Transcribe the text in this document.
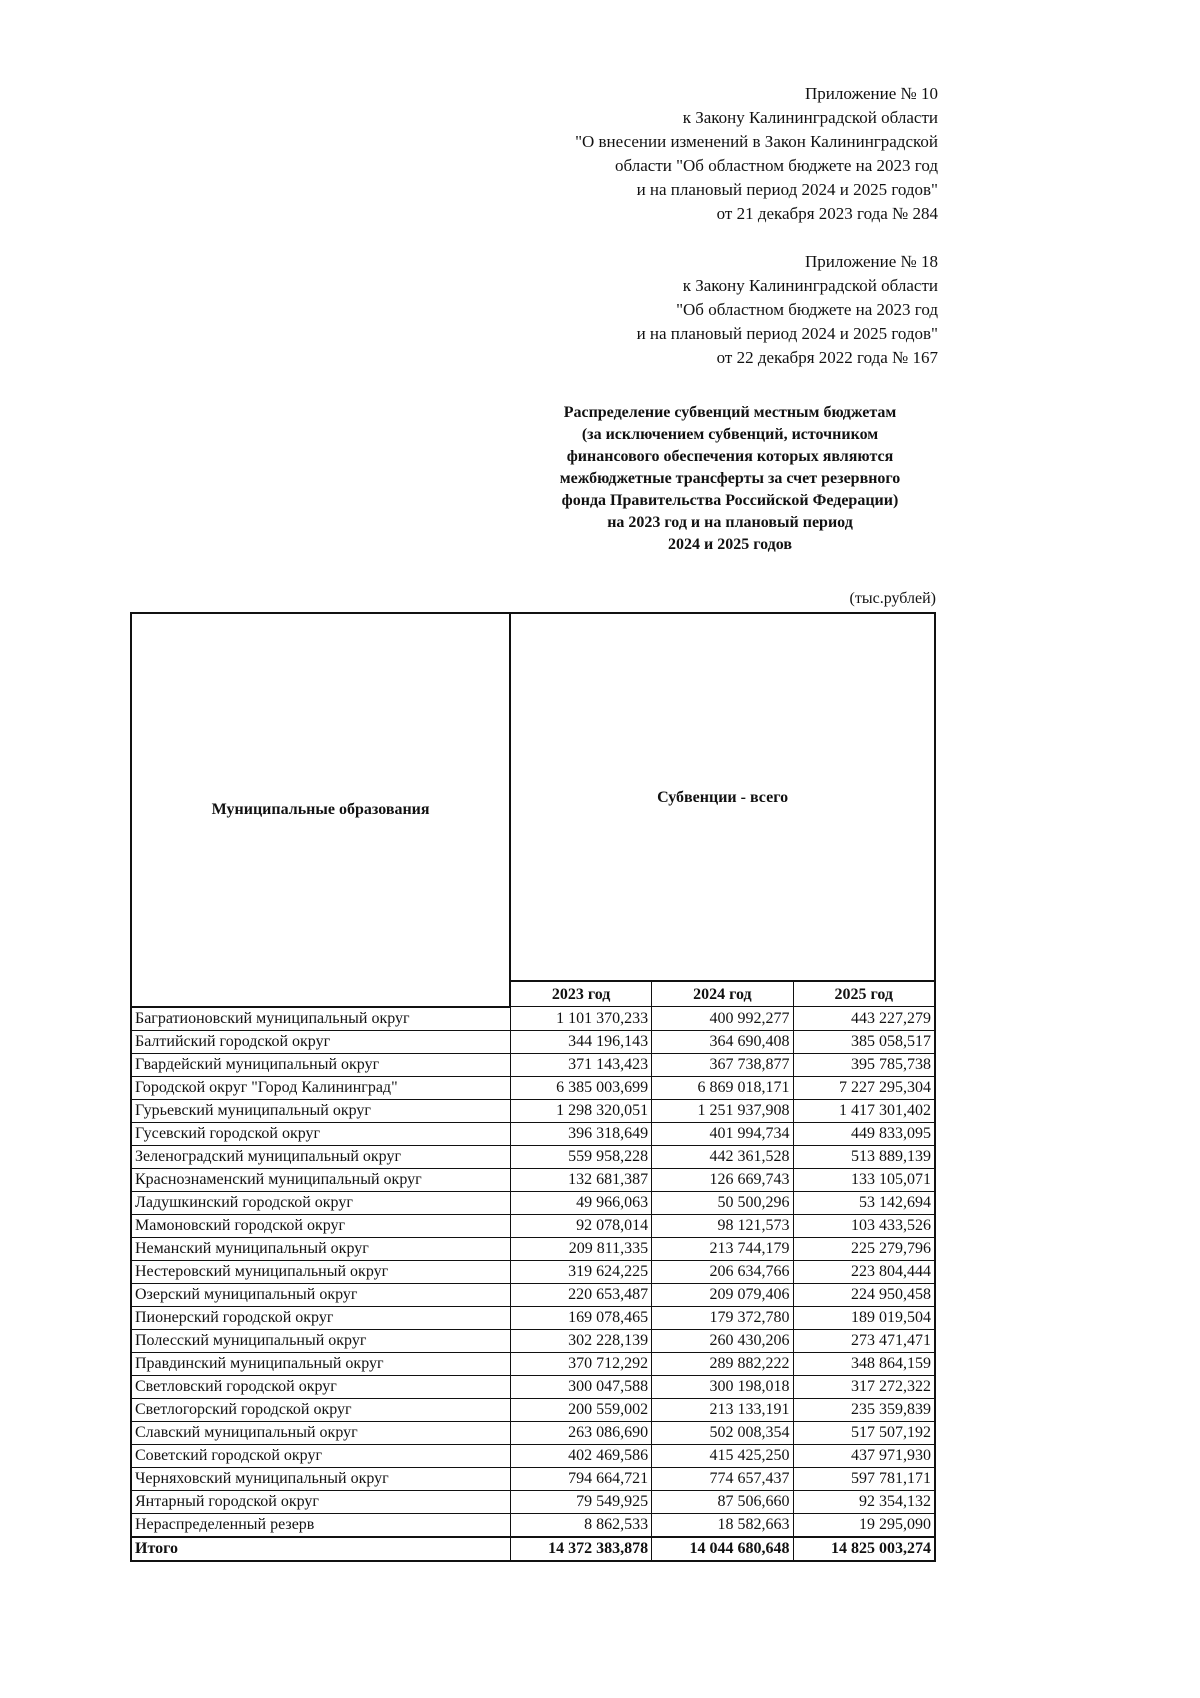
Приложение № 10
к Закону Калининградской области
"О внесении изменений в Закон Калининградской
области "Об областном бюджете на 2023 год
и на плановый период 2024 и 2025 годов"
от 21 декабря 2023 года № 284
Приложение № 18
к Закону Калининградской области
"Об областном бюджете на 2023 год
и на плановый период 2024 и 2025 годов"
от 22 декабря 2022 года № 167
Распределение субвенций местным бюджетам
(за исключением субвенций, источником
финансового обеспечения которых являются
межбюджетные трансферты за счет резервного
фонда Правительства Российской Федерации)
на 2023 год и на плановый период
2024 и 2025 годов
(тыс.рублей)
Муниципальные образования	Субвенции - всего		
	2023 год	2024 год	2025 год
Багратионовский муниципальный округ	1 101 370,233	400 992,277	443 227,279
Балтийский городской округ	344 196,143	364 690,408	385 058,517
Гвардейский муниципальный округ	371 143,423	367 738,877	395 785,738
Городской округ "Город Калининград"	6 385 003,699	6 869 018,171	7 227 295,304
Гурьевский муниципальный округ	1 298 320,051	1 251 937,908	1 417 301,402
Гусевский городской округ	396 318,649	401 994,734	449 833,095
Зеленоградский муниципальный округ	559 958,228	442 361,528	513 889,139
Краснознаменский муниципальный округ	132 681,387	126 669,743	133 105,071
Ладушкинский городской округ	49 966,063	50 500,296	53 142,694
Мамоновский городской округ	92 078,014	98 121,573	103 433,526
Неманский муниципальный округ	209 811,335	213 744,179	225 279,796
Нестеровский муниципальный округ	319 624,225	206 634,766	223 804,444
Озерский муниципальный округ	220 653,487	209 079,406	224 950,458
Пионерский городской округ	169 078,465	179 372,780	189 019,504
Полесский муниципальный округ	302 228,139	260 430,206	273 471,471
Правдинский муниципальный округ	370 712,292	289 882,222	348 864,159
Светловский городской округ	300 047,588	300 198,018	317 272,322
Светлогорский городской округ	200 559,002	213 133,191	235 359,839
Славский муниципальный округ	263 086,690	502 008,354	517 507,192
Советский городской округ	402 469,586	415 425,250	437 971,930
Черняховский муниципальный округ	794 664,721	774 657,437	597 781,171
Янтарный городской округ	79 549,925	87 506,660	92 354,132
Нераспределенный резерв	8 862,533	18 582,663	19 295,090
Итого	14 372 383,878	14 044 680,648	14 825 003,274
